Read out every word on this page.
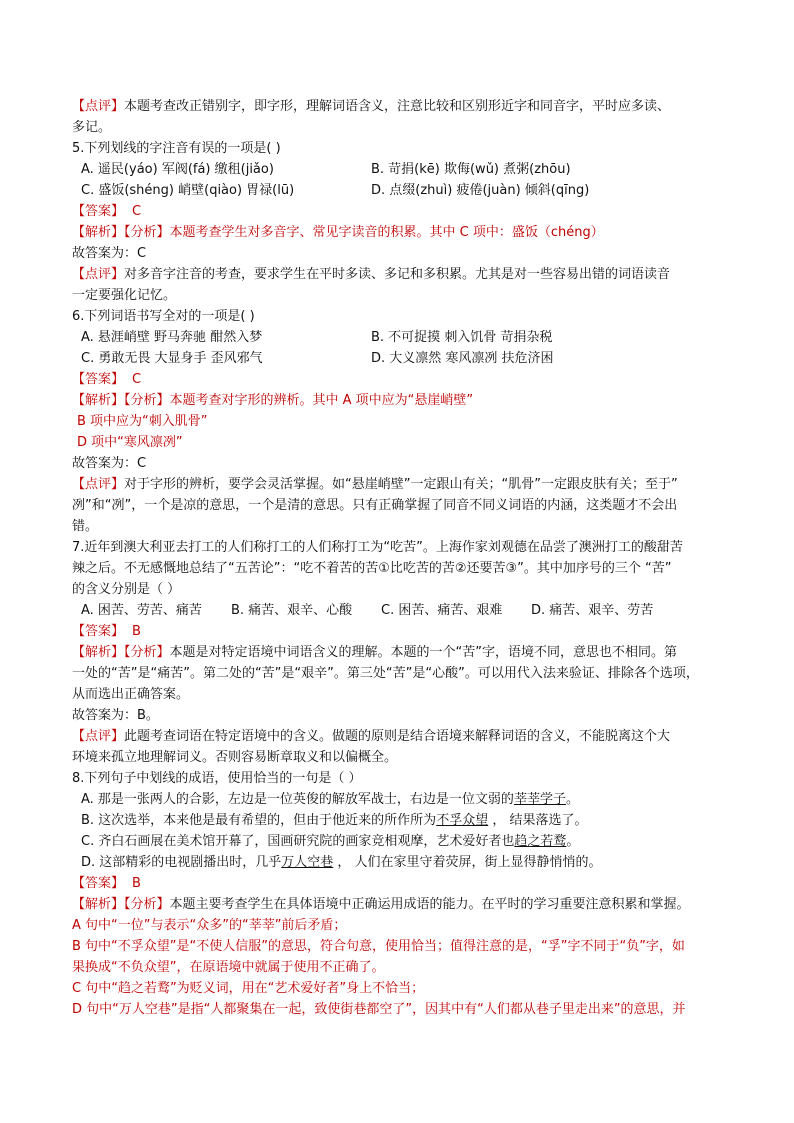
【点评】本题考查改正错别字，即字形，理解词语含义，注意比较和区别形近字和同音字，平时应多读、
多记。
5.下列划线的字注音有误的一项是( )
A. 遥民(yáo) 军阀(fá) 缴租(jiǎo)	B. 苛捐(kē) 欺侮(wǔ) 煮粥(zhōu)
C. 盛饭(shéng) 峭壁(qiào) 胃禄(lū)	D. 点缀(zhuì) 疲倦(juàn) 倾斜(qīng)
【答案】 C
【解析】【分析】本题考查学生对多音字、常见字读音的积累。其中 C 项中：盛饭（chéng）
故答案为：C
【点评】对多音字注音的考查，要求学生在平时多读、多记和多积累。尤其是对一些容易出错的词语读音
一定要强化记忆。
6.下列词语书写全对的一项是( )
A. 悬涯峭壁 野马奔驰 酣然入梦	B. 不可捉摸 刺入饥骨 苛捐杂税
C. 勇敢无畏 大显身手 歪风邪气	D. 大义凛然 寒风凛冽 扶危济困
【答案】 C
【解析】【分析】本题考查对字形的辨析。其中 A 项中应为“悬崖峭壁”
B 项中应为“刺入肌骨”
D 项中“寒风凛冽”
故答案为：C
【点评】对于字形的辨析，要学会灵活掌握。如“悬崖峭壁”一定跟山有关；“肌骨”一定跟皮肤有关；至于”
冽”和“冽”，一个是凉的意思，一个是清的意思。只有正确掌握了同音不同义词语的内涵，这类题才不会出
错。
7.近年到澳大利亚去打工的人们称打工的人们称打工为“吃苦”。上海作家刘观德在品尝了澳洲打工的酸甜苦
辣之后。不无感慨地总结了“五苦论”：“吃不着苦的苦①比吃苦的苦②还要苦③”。其中加序号的三个 “苦”
的含义分别是（ ）
A. 困苦、劳苦、痛苦	B. 痛苦、艰辛、心酸	C. 困苦、痛苦、艰难	D. 痛苦、艰辛、劳苦
【答案】 B
【解析】【分析】本题是对特定语境中词语含义的理解。本题的一个“苦”字，语境不同，意思也不相同。第
一处的“苦”是“痛苦”。第二处的“苦”是“艰辛”。第三处“苦”是“心酸”。可以用代入法来验证、排除各个选项，
从而选出正确答案。
故答案为：B。
【点评】此题考查词语在特定语境中的含义。做题的原则是结合语境来解释词语的含义，不能脱离这个大
环境来孤立地理解词义。否则容易断章取义和以偏概全。
8.下列句子中划线的成语，使用恰当的一句是（ ）
A. 那是一张两人的合影，左边是一位英俊的解放军战士，右边是一位文弱的莘莘学子。
B. 这次选举，本来他是最有希望的，但由于他近来的所作所为不孚众望 ， 结果落选了。
C. 齐白石画展在美术馆开幕了，国画研究院的画家竞相观摩，艺术爱好者也趋之若鹜。
D. 这部精彩的电视剧播出时，几乎万人空巷 ， 人们在家里守着荧屏，街上显得静悄悄的。
【答案】 B
【解析】【分析】本题主要考查学生在具体语境中正确运用成语的能力。在平时的学习重要注意积累和掌握。
A 句中“一位”与表示“众多”的“莘莘”前后矛盾；
B 句中“不孚众望”是“不使人信服”的意思，符合句意，使用恰当；值得注意的是，“孚”字不同于“负”字，如
果换成“不负众望”，在原语境中就属于使用不正确了。
C 句中“趋之若鹜”为贬义词，用在“艺术爱好者”身上不恰当；
D 句中“万人空巷”是指“人都聚集在一起，致使街巷都空了”，因其中有“人们都从巷子里走出来”的意思，并
